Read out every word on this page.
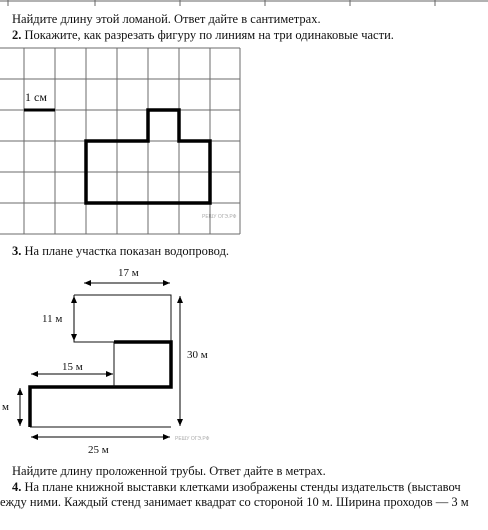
Найдите длину этой ломаной. Ответ дайте в сантиметрах.
2. Покажите, как разрезать фигуру по линиям на три одинаковые части.
1 см
РЕШУ ОГЭ.РФ
3. На плане участка показан водопровод.
17 м
11 м
15 м
30 м
25 м
м
РЕШУ ОГЭ.РФ
Найдите длину проложенной трубы. Ответ дайте в метрах.
4. На плане книжной выставки клетками изображены стенды издательств (выставоч
ежду ними. Каждый стенд занимает квадрат со стороной 10 м. Ширина проходов — 3 м
